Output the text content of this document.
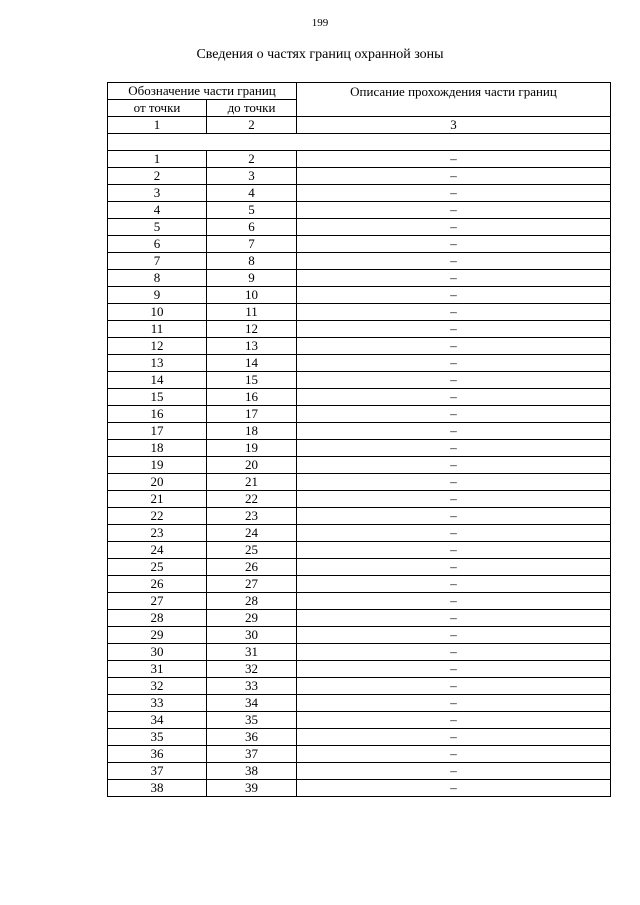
199
Сведения о частях границ охранной зоны
Обозначение части границ		Описание прохождения части границ
от точки	до точки	
1	2	3

1	2	–
2	3	–
3	4	–
4	5	–
5	6	–
6	7	–
7	8	–
8	9	–
9	10	–
10	11	–
11	12	–
12	13	–
13	14	–
14	15	–
15	16	–
16	17	–
17	18	–
18	19	–
19	20	–
20	21	–
21	22	–
22	23	–
23	24	–
24	25	–
25	26	–
26	27	–
27	28	–
28	29	–
29	30	–
30	31	–
31	32	–
32	33	–
33	34	–
34	35	–
35	36	–
36	37	–
37	38	–
38	39	–
